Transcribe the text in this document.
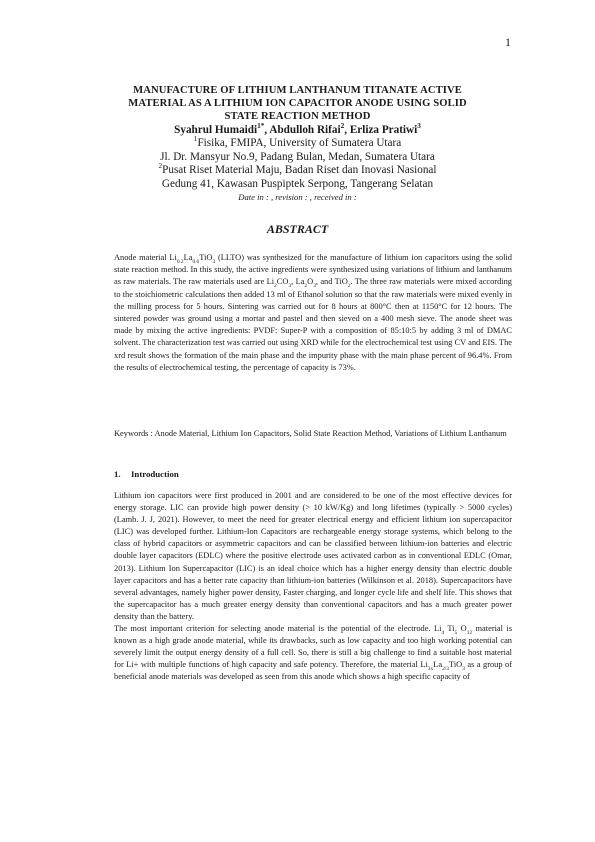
1
MANUFACTURE OF LITHIUM LANTHANUM TITANATE ACTIVE
MATERIAL AS A LITHIUM ION CAPACITOR ANODE USING SOLID
STATE REACTION METHOD
Syahrul Humaidi$^{1*}$, Abdulloh Rifai$^2$, Erliza Pratiwi$^3$
$^1$Fisika, FMIPA, University of Sumatera Utara
Jl. Dr. Mansyur No.9, Padang Bulan, Medan, Sumatera Utara
$^2$Pusat Riset Material Maju, Badan Riset dan Inovasi Nasional
Gedung 41, Kawasan Puspiptek Serpong, Tangerang Selatan
Date in : , revision : , received in :
ABSTRACT
Anode material $Li_{0.2}La_{0.6}TiO_3$ (LLTO) was synthesized for the manufacture of lithium ion capacitors using the solid state reaction method. In this study, the active ingredients were synthesized using variations of lithium and lanthanum as raw materials. The raw materials used are $Li_2CO_3$, $La_2O_3$, and TiO$_2$. The three raw materials were mixed according to the stoichiometric calculations then added 13 ml of Ethanol solution so that the raw materials were mixed evenly in the milling process for 5 hours. Sintering was carried out for 8 hours at 800°C then at 1150°C for 12 hours. The sintered powder was ground using a mortar and pastel and then sieved on a 400 mesh sieve. The anode sheet was made by mixing the active ingredients: PVDF: Super-P with a composition of 85:10:5 by adding 3 ml of DMAC solvent. The characterization test was carried out using XRD while for the electrochemical test using CV and EIS. The xrd result shows the formation of the main phase and the impurity phase with the main phase percent of 96.4%. From the results of electrochemical testing, the percentage of capacity is 73%.
Keywords : Anode Material, Lithium Ion Capacitors, Solid State Reaction Method, Variations of Lithium Lanthanum
1. Introduction

Lithium ion capacitors were first produced in 2001 and are considered to be one of the most effective devices for energy storage. LIC can provide high power density (> 10 kW/Kg) and long lifetimes (typically > 5000 cycles) (Lamb. J. J, 2021). However, to meet the need for greater electrical energy and efficient lithium ion supercapacitor (LIC) was developed further. Lithium-Ion Capacitors are rechargeable energy storage systems, which belong to the class of hybrid capacitors or asymmetric capacitors and can be classified between lithium-ion batteries and electric double layer capacitors (EDLC) where the positive electrode uses activated carbon as in conventional EDLC (Omar, 2013). Lithium Ion Supercapacitor (LIC) is an ideal choice which has a higher energy density than electric double layer capacitors and has a better rate capacity than lithium-ion batteries (Wilkinson et al. 2018). Supercapacitors have several advantages, namely higher power density, Faster charging, and longer cycle life and shelf life. This shows that the supercapacitor has a much greater energy density than conventional capacitors and has a much greater power density than the battery.

The most important criterion for selecting anode material is the potential of the electrode. $Li_4$ $Ti_5$ $O_{12}$ material is known as a high grade anode material, while its drawbacks, such as low capacity and too high working potential can severely limit the output energy density of a full cell. So, there is still a big challenge to find a suitable host material for Li+ with multiple functions of high capacity and safe potency. Therefore, the material $Li_{3x}La_{2/3}TiO_3$ as a group of beneficial anode materials was developed as seen from this anode which shows a high specific capacity of
